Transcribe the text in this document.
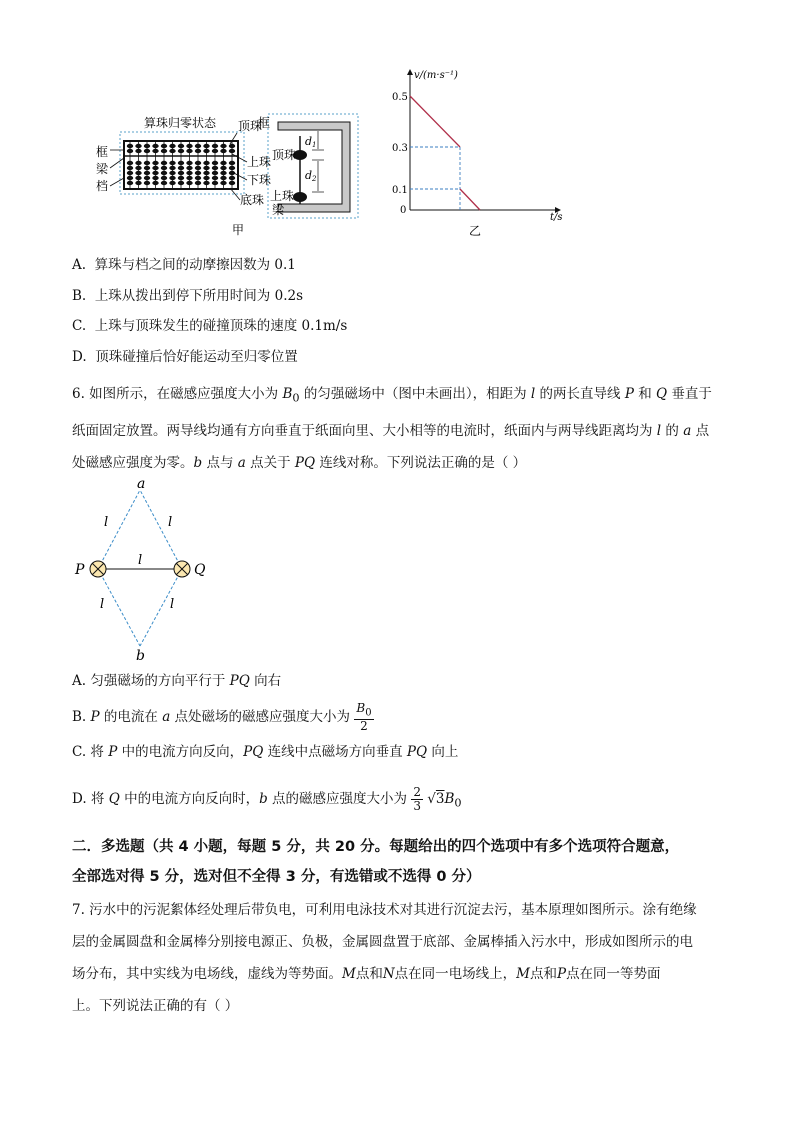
算珠归零状态
框
梁
档
顶珠
上珠
下珠
底珠
框
顶珠
上珠
梁
d1
d2
甲
v/(m·s⁻¹)
t/s
0
0.5
0.3
0.1
乙
A. 算珠与档之间的动摩擦因数为 0.1
B. 上珠从拨出到停下所用时间为 0.2s
C. 上珠与顶珠发生的碰撞顶珠的速度 0.1m/s
D. 顶珠碰撞后恰好能运动至归零位置
6. 如图所示，在磁感应强度大小为 $B_0$ 的匀强磁场中（图中未画出），相距为 l 的两长直导线 P 和 Q 垂直于
纸面固定放置。两导线均通有方向垂直于纸面向里、大小相等的电流时，纸面内与两导线距离均为 l 的 a 点
处磁感应强度为零。b 点与 a 点关于 PQ 连线对称。下列说法正确的是（ ）
a
b
P	Q
l	l
l
l	l
A. 匀强磁场的方向平行于 PQ 向右
B. P 的电流在 a 点处磁场的磁感应强度大小为 $\frac{B_0}{2}$
C. 将 P 中的电流方向反向，PQ 连线中点磁场方向垂直 PQ 向上
D. 将 Q 中的电流方向反向时，b 点的磁感应强度大小为 $\frac{2}{3} √3B_0$
二．多选题（共 4 小题，每题 5 分，共 20 分。每题给出的四个选项中有多个选项符合题意，
全部选对得 5 分，选对但不全得 3 分，有选错或不选得 0 分）
7. 污水中的污泥絮体经处理后带负电，可利用电泳技术对其进行沉淀去污，基本原理如图所示。涂有绝缘
层的金属圆盘和金属棒分别接电源正、负极，金属圆盘置于底部、金属棒插入污水中，形成如图所示的电
场分布，其中实线为电场线，虚线为等势面。M点和N点在同一电场线上，M点和P点在同一等势面
上。下列说法正确的有（ ）
